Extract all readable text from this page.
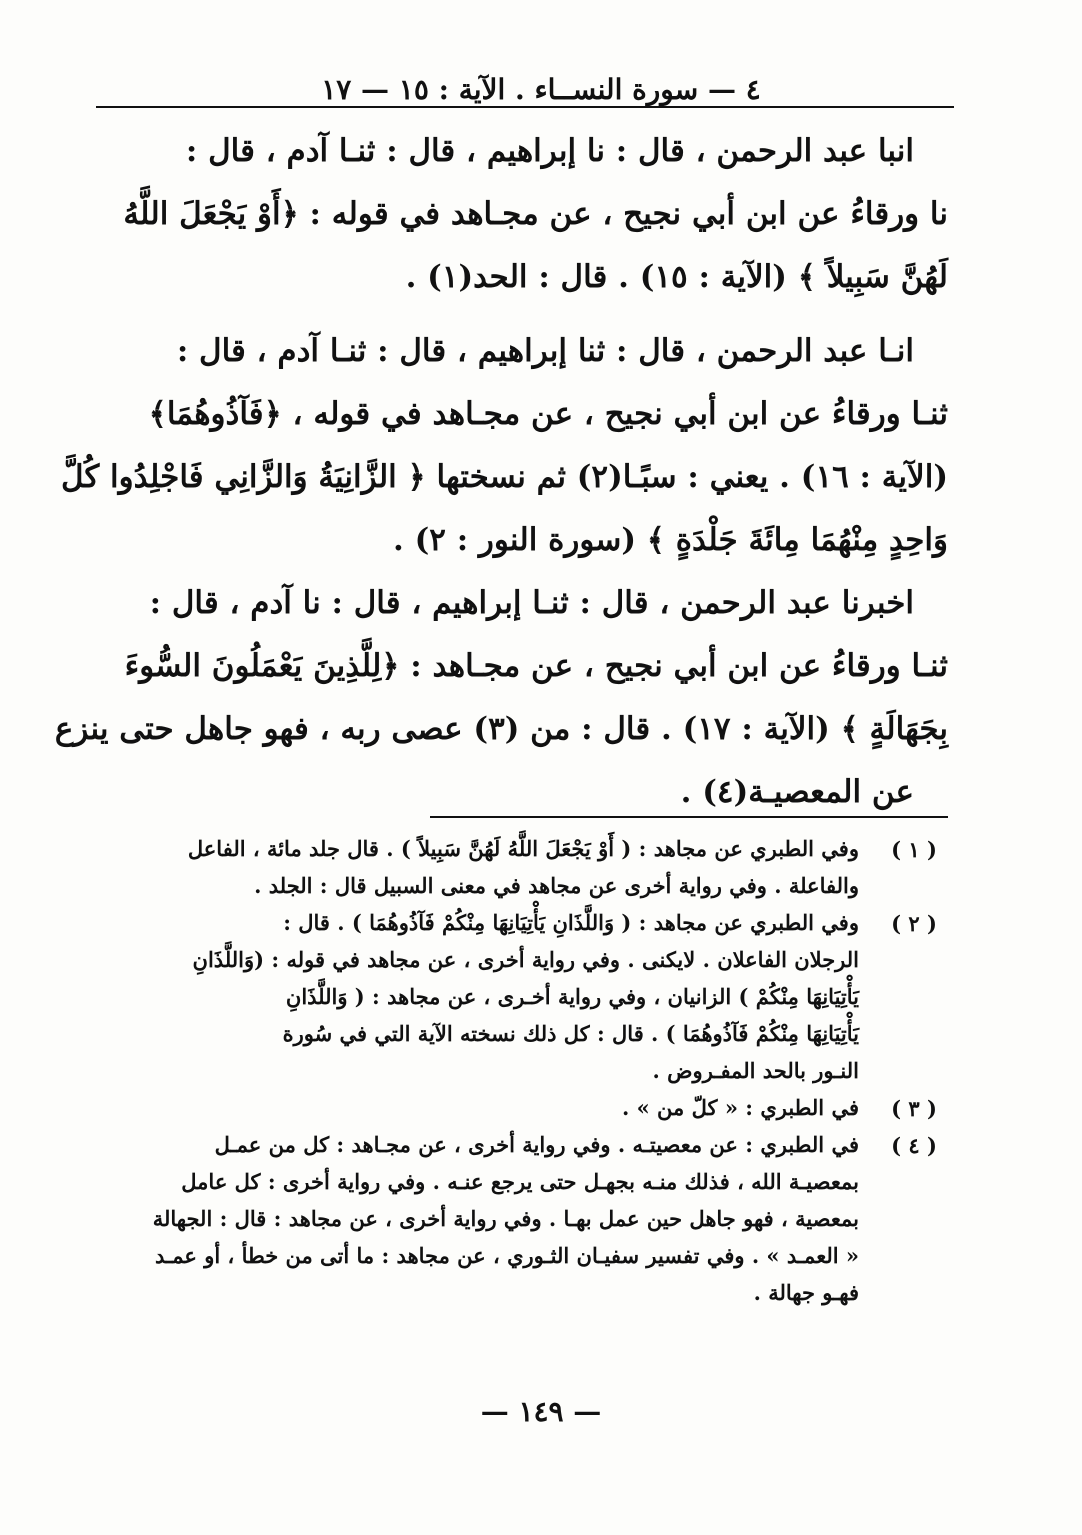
٤ — سورة النســاء . الآية : ١٥ — ١٧
انبا عبد الرحمن ، قال : نا إبراهيم ، قال : ثنـا آدم ، قال :
نا ورقاءُ عن ابن أبي نجيح ، عن مجـاهد في قوله : ﴿أَوْ يَجْعَلَ اللَّهُ
لَهُنَّ سَبِيلاً ﴾ (الآية : ١٥) . قال : الحد(١) .
انـا عبد الرحمن ، قال : ثنا إبراهيم ، قال : ثنـا آدم ، قال :
ثنـا ورقاءُ عن ابن أبي نجيح ، عن مجـاهد في قوله ، ﴿فَآذُوهُمَا﴾
(الآية : ١٦) . يعني : سبًـا(٢) ثم نسختها ﴿ الزَّانِيَةُ وَالزَّانِي فَاجْلِدُوا كُلَّ
وَاحِدٍ مِنْهُمَا مِائَةَ جَلْدَةٍ ﴾ (سورة النور : ٢) .
اخبرنا عبد الرحمن ، قال : ثنـا إبراهيم ، قال : نا آدم ، قال :
ثنـا ورقاءُ عن ابن أبي نجيح ، عن مجـاهد : ﴿لِلَّذِينَ يَعْمَلُونَ السُّوءَ
بِجَهَالَةٍ ﴾ (الآية : ١٧) . قال : من (٣) عصى ربه ، فهو جاهل حتى ينزع
عن المعصيـة(٤) .
( ١ )
وفي الطبري عن مجاهد : ( أَوْ يَجْعَلَ اللَّهُ لَهُنَّ سَبِيلاً ) . قال جلد مائة ، الفاعل
والفاعلة . وفي رواية أخرى عن مجاهد في معنى السبيل قال : الجلد .
( ٢ )
وفي الطبري عن مجاهد : ( وَاللَّذَانِ يَأْتِيَانِهَا مِنْكُمْ فَآذُوهُمَا ) . قال :
الرجلان الفاعلان . لايكنى . وفي رواية أخرى ، عن مجاهد في قوله : (وَاللَّذَانِ
يَأْتِيَانِهَا مِنْكُمْ ) الزانيان ، وفي رواية أخـرى ، عن مجاهد : ( وَاللَّذَانِ
يَأْتِيَانِهَا مِنْكُمْ فَآذُوهُمَا ) . قال : كل ذلك نسخته الآية التي في سُورة
النـور بالحد المفـروض .
( ٣ )
في الطبري : « كلّ من » .
( ٤ )
في الطبري : عن معصيتـه . وفي رواية أخرى ، عن مجـاهد : كل من عمـل
بمعصيـة الله ، فذلك منـه بجهـل حتى يرجع عنـه . وفي رواية أخرى : كل عامل
بمعصية ، فهو جاهل حين عمل بهـا . وفي رواية أخرى ، عن مجاهد : قال : الجهالة
« العمـد » . وفي تفسير سفيـان الثـوري ، عن مجاهد : ما أتى من خطأ ، أو عمـد
فهـو جهالة .
— ١٤٩ —
